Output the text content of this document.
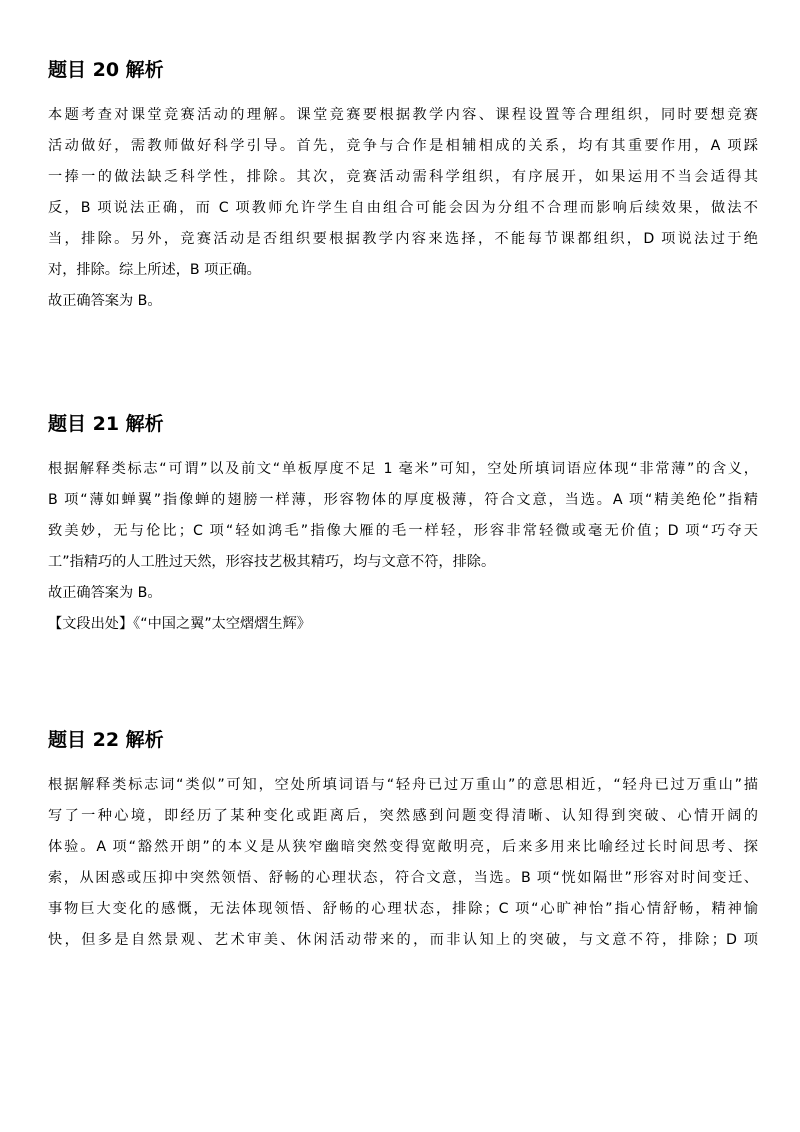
题目 20 解析
本题考查对课堂竞赛活动的理解。课堂竞赛要根据教学内容、课程设置等合理组织，同时要想竞赛
活动做好，需教师做好科学引导。首先，竞争与合作是相辅相成的关系，均有其重要作用，A 项踩
一捧一的做法缺乏科学性，排除。其次，竞赛活动需科学组织，有序展开，如果运用不当会适得其
反，B 项说法正确，而 C 项教师允许学生自由组合可能会因为分组不合理而影响后续效果，做法不
当，排除。另外，竞赛活动是否组织要根据教学内容来选择，不能每节课都组织，D 项说法过于绝
对，排除。综上所述，B 项正确。
故正确答案为 B。
题目 21 解析
根据解释类标志“可谓”以及前文“单板厚度不足 1 毫米”可知，空处所填词语应体现“非常薄”的含义，
B 项“薄如蝉翼”指像蝉的翅膀一样薄，形容物体的厚度极薄，符合文意，当选。A 项“精美绝伦”指精
致美妙，无与伦比；C 项“轻如鸿毛”指像大雁的毛一样轻，形容非常轻微或毫无价值；D 项“巧夺天
工”指精巧的人工胜过天然，形容技艺极其精巧，均与文意不符，排除。
故正确答案为 B。
【文段出处】《“中国之翼”太空熠熠生辉》
题目 22 解析
根据解释类标志词“类似”可知，空处所填词语与“轻舟已过万重山”的意思相近，“轻舟已过万重山”描
写了一种心境，即经历了某种变化或距离后，突然感到问题变得清晰、认知得到突破、心情开阔的
体验。A 项“豁然开朗”的本义是从狭窄幽暗突然变得宽敞明亮，后来多用来比喻经过长时间思考、探
索，从困惑或压抑中突然领悟、舒畅的心理状态，符合文意，当选。B 项“恍如隔世”形容对时间变迁、
事物巨大变化的感慨，无法体现领悟、舒畅的心理状态，排除；C 项“心旷神怡”指心情舒畅，精神愉
快，但多是自然景观、艺术审美、休闲活动带来的，而非认知上的突破，与文意不符，排除；D 项
